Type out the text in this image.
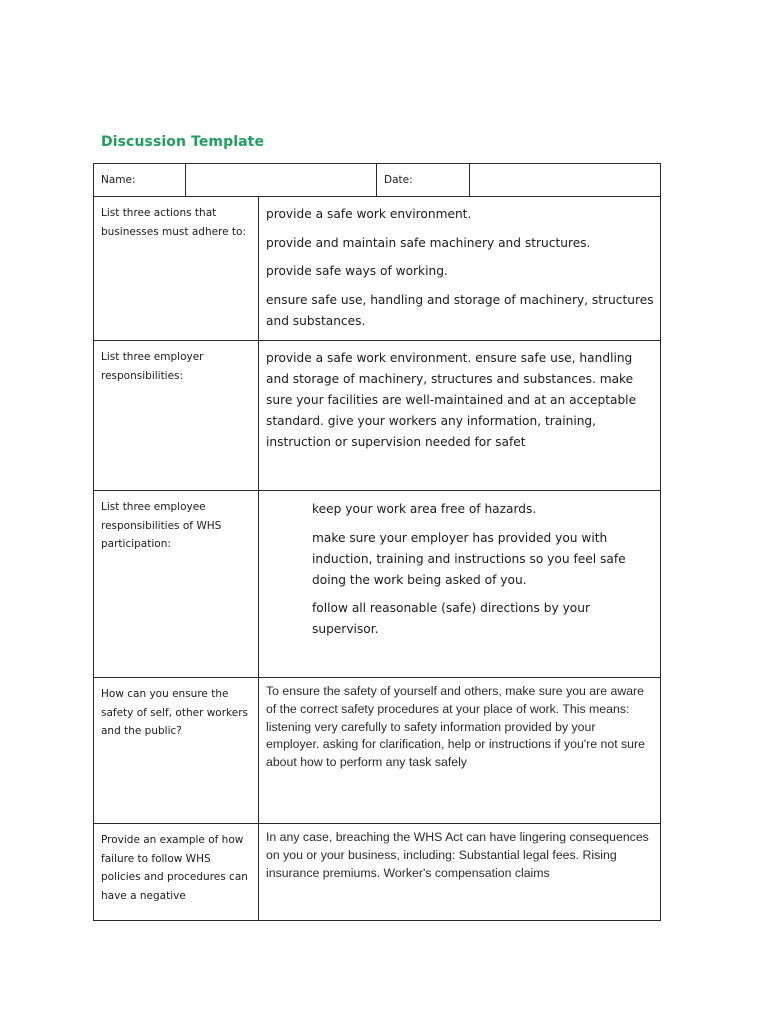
Discussion Template
Name:			Date:	
List three actions that businesses must adhere to:		provide a safe work environment.

provide and maintain safe machinery and structures.

provide safe ways of working.

ensure safe use, handling and storage of machinery, structures and substances.		

List three employer responsibilities:		provide a safe work environment. ensure safe use, handling and storage of machinery, structures and substances. make sure your facilities are well-maintained and at an acceptable standard. give your workers any information, training, instruction or supervision needed for safet		
List three employee responsibilities of WHS participation:		keep your work area free of hazards.

make sure your employer has provided you with induction, training and instructions so you feel safe doing the work being asked of you.

follow all reasonable (safe) directions by your supervisor.		

How can you ensure the safety of self, other workers and the public?		To ensure the safety of yourself and others, make sure you are aware of the correct safety procedures at your place of work. This means: listening very carefully to safety information provided by your employer. asking for clarification, help or instructions if you're not sure about how to perform any task safely		
Provide an example of how failure to follow WHS policies and procedures can have a negative		In any case, breaching the WHS Act can have lingering consequences on you or your business, including: Substantial legal fees. Rising insurance premiums. Worker's compensation claims		
